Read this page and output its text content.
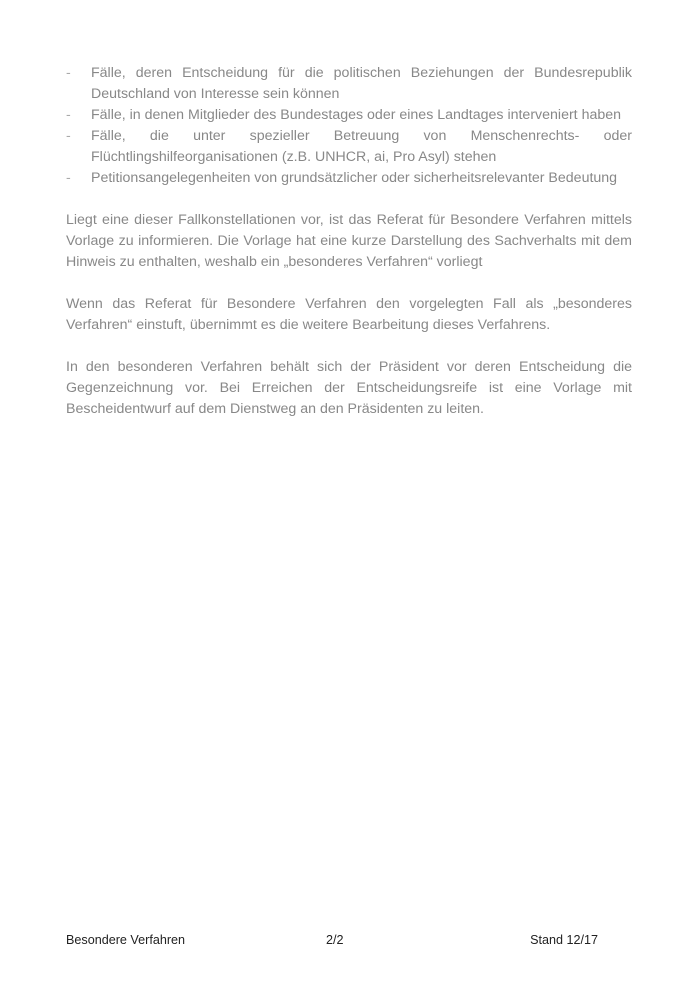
- Fälle, deren Entscheidung für die politischen Beziehungen der Bundesrepublik Deutschland von Interesse sein können
- Fälle, in denen Mitglieder des Bundestages oder eines Landtages interveniert haben
- Fälle, die unter spezieller Betreuung von Menschenrechts- oder Flüchtlingshilfeorganisationen (z.B. UNHCR, ai, Pro Asyl) stehen
- Petitionsangelegenheiten von grundsätzlicher oder sicherheitsrelevanter Bedeutung

Liegt eine dieser Fallkonstellationen vor, ist das Referat für Besondere Verfahren mittels Vorlage zu informieren. Die Vorlage hat eine kurze Darstellung des Sachverhalts mit dem Hinweis zu enthalten, weshalb ein „besonderes Verfahren“ vorliegt

Wenn das Referat für Besondere Verfahren den vorgelegten Fall als „besonderes Verfahren“ einstuft, übernimmt es die weitere Bearbeitung dieses Verfahrens.

In den besonderen Verfahren behält sich der Präsident vor deren Entscheidung die Gegenzeichnung vor. Bei Erreichen der Entscheidungsreife ist eine Vorlage mit Bescheidentwurf auf dem Dienstweg an den Präsidenten zu leiten.

Besondere Verfahren	2/2	Stand 12/17
